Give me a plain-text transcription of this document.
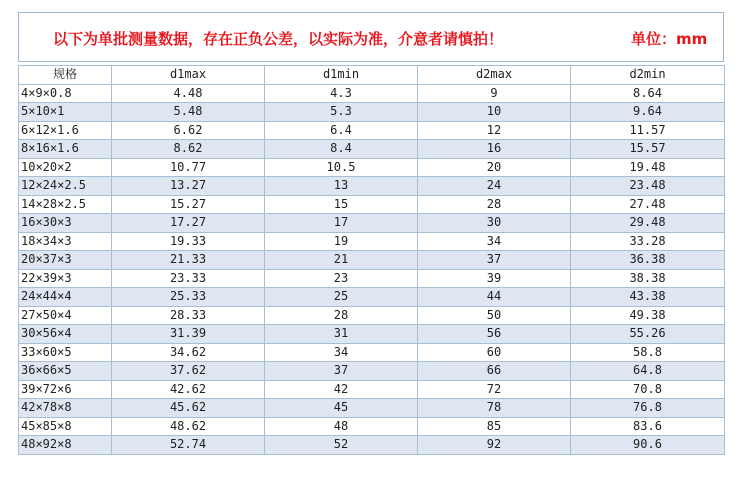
以下为单批测量数据，存在正负公差，以实际为准，介意者请慎拍！	单位：mm
规格	d1max	d1min	d2max	d2min
4×9×0.8	4.48	4.3	9	8.64
5×10×1	5.48	5.3	10	9.64
6×12×1.6	6.62	6.4	12	11.57
8×16×1.6	8.62	8.4	16	15.57
10×20×2	10.77	10.5	20	19.48
12×24×2.5	13.27	13	24	23.48
14×28×2.5	15.27	15	28	27.48
16×30×3	17.27	17	30	29.48
18×34×3	19.33	19	34	33.28
20×37×3	21.33	21	37	36.38
22×39×3	23.33	23	39	38.38
24×44×4	25.33	25	44	43.38
27×50×4	28.33	28	50	49.38
30×56×4	31.39	31	56	55.26
33×60×5	34.62	34	60	58.8
36×66×5	37.62	37	66	64.8
39×72×6	42.62	42	72	70.8
42×78×8	45.62	45	78	76.8
45×85×8	48.62	48	85	83.6
48×92×8	52.74	52	92	90.6
